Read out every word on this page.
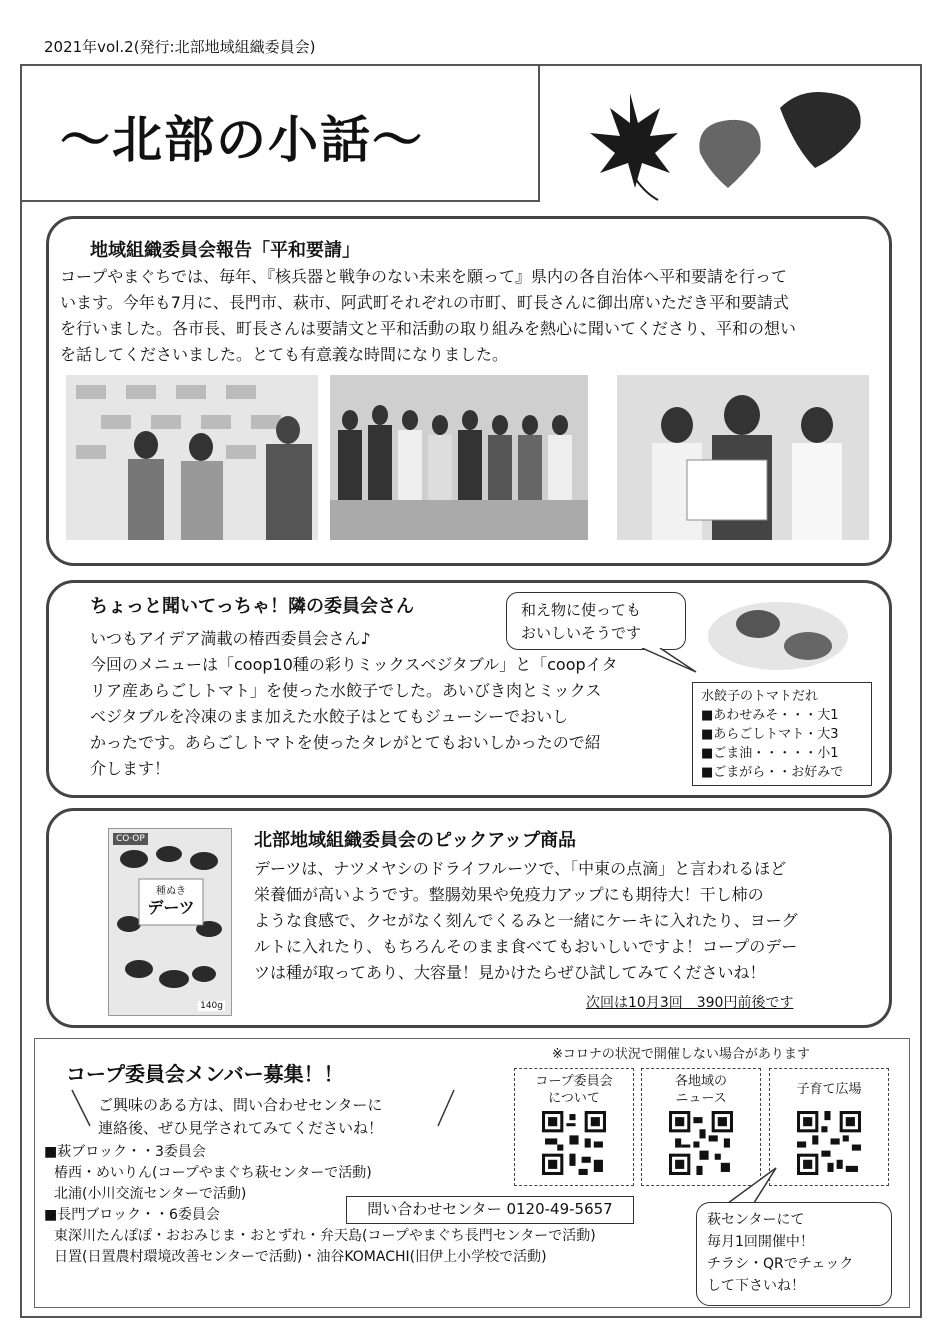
2021年vol.2(発行:北部地域組織委員会)
〜北部の小話〜
地域組織委員会報告「平和要請」
コープやまぐちでは、毎年、『核兵器と戦争のない未来を願って』県内の各自治体へ平和要請を行って
います。今年も7月に、長門市、萩市、阿武町それぞれの市町、町長さんに御出席いただき平和要請式
を行いました。各市長、町長さんは要請文と平和活動の取り組みを熱心に聞いてくださり、平和の想い
を話してくださいました。とても有意義な時間になりました。
ちょっと聞いてっちゃ！隣の委員会さん
いつもアイデア満載の椿西委員会さん♪
今回のメニューは「coop10種の彩りミックスベジタブル」と「coopイタ
リア産あらごしトマト」を使った水餃子でした。あいびき肉とミックス
ベジタブルを冷凍のまま加えた水餃子はとてもジューシーでおいし
かったです。あらごしトマトを使ったタレがとてもおいしかったので紹
介します！
和え物に使っても
おいしいそうです
水餃子のトマトだれ
■あわせみそ・・・大1
■あらごしトマト・大3
■ごま油・・・・・小1
■ごまがら・・お好みで
CO·OP
種ぬき
デーツ
140g
北部地域組織委員会のピックアップ商品
デーツは、ナツメヤシのドライフルーツで、「中東の点滴」と言われるほど
栄養価が高いようです。整腸効果や免疫力アップにも期待大！干し柿の
ような食感で、クセがなく刻んでくるみと一緒にケーキに入れたり、ヨーグ
ルトに入れたり、もちろんそのまま食べてもおいしいですよ！コープのデー
ツは種が取ってあり、大容量！見かけたらぜひ試してみてくださいね！
次回は10月3回　390円前後です
コープ委員会メンバー募集！！
ご興味のある方は、問い合わせセンターに
連絡後、ぜひ見学されてみてくださいね！
■萩ブロック・・3委員会
椿西・めいりん(コープやまぐち萩センターで活動)
北浦(小川交流センターで活動)
■長門ブロック・・6委員会
東深川たんぽぽ・おおみじま・おとずれ・弁天島(コープやまぐち長門センターで活動)
日置(日置農村環境改善センターで活動)・油谷KOMACHI(旧伊上小学校で活動)
※コロナの状況で開催しない場合があります
コープ委員会
について
各地域の
ニュース
子育て広場
問い合わせセンター 0120-49-5657
萩センターにて
毎月1回開催中！
チラシ・QRでチェック
して下さいね！
